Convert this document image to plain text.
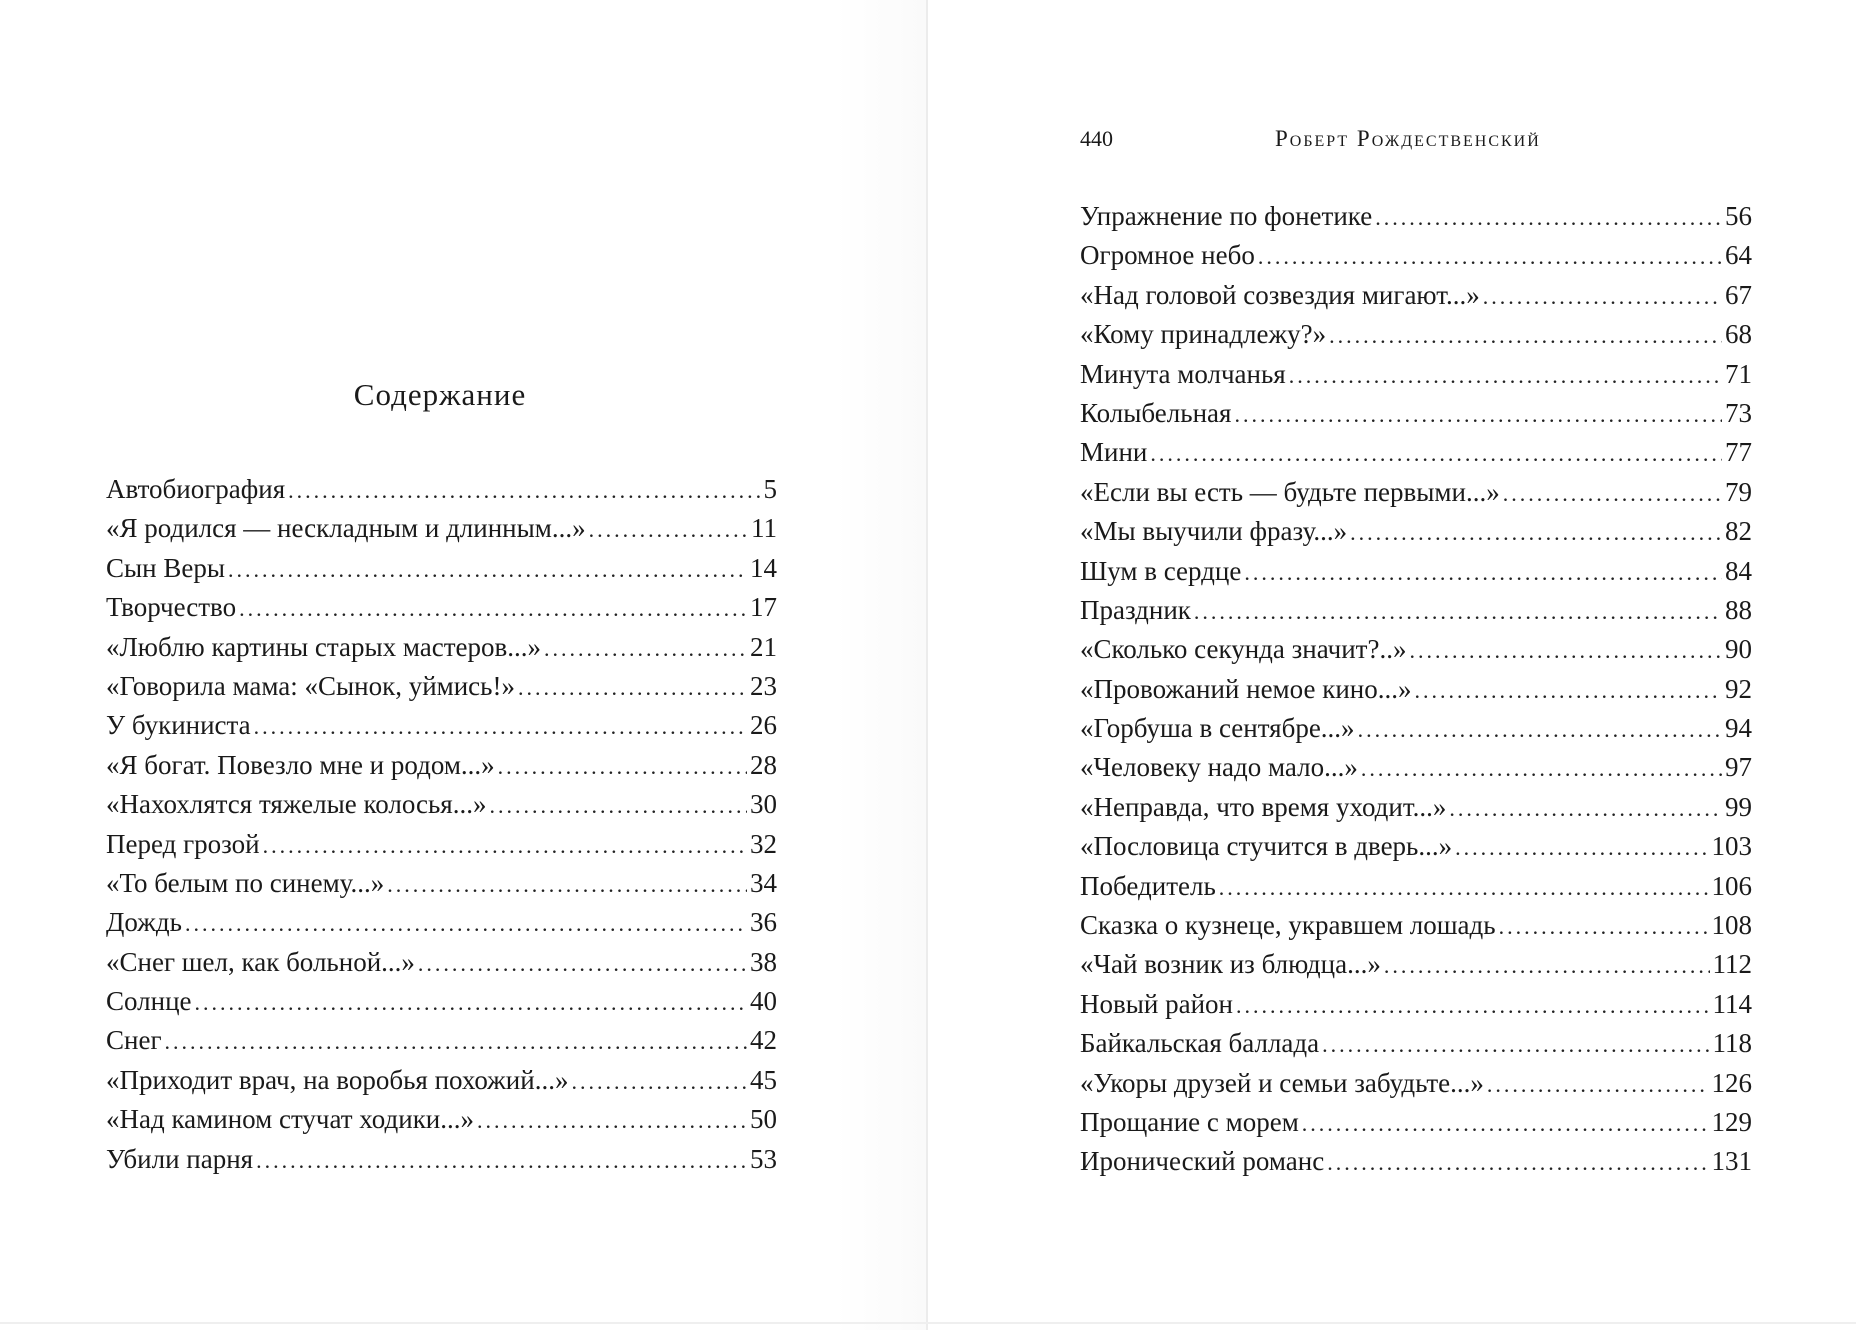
Содержание
Автобиография .....	5
«Я родился — нескладным и длинным...» .....	11
Сын Веры .....	14
Творчество .....	17
«Люблю картины старых мастеров...» .....	21
«Говорила мама: «Сынок, уймись!» .....	23
У букиниста .....	26
«Я богат. Повезло мне и родом...» .....	28
«Нахохлятся тяжелые колосья...» .....	30
Перед грозой .....	32
«То белым по синему...» .....	34
Дождь .....	36
«Снег шел, как больной...» .....	38
Солнце .....	40
Снег .....	42
«Приходит врач, на воробья похожий...» .....	45
«Над камином стучат ходики...» .....	50
Убили парня .....	53
440	Роберт Рождественский
Упражнение по фонетике .....	56
Огромное небо .....	64
«Над головой созвездия мигают...» .....	67
«Кому принадлежу?» .....	68
Минута молчанья .....	71
Колыбельная .....	73
Мини .....	77
«Если вы есть — будьте первыми...» .....	79
«Мы выучили фразу...» .....	82
Шум в сердце .....	84
Праздник .....	88
«Сколько секунда значит?..» .....	90
«Провожаний немое кино...» .....	92
«Горбуша в сентябре...» .....	94
«Человеку надо мало...» .....	97
«Неправда, что время уходит...» .....	99
«Пословица стучится в дверь...» .....	103
Победитель .....	106
Сказка о кузнеце, укравшем лошадь .....	108
«Чай возник из блюдца...» .....	112
Новый район .....	114
Байкальская баллада .....	118
«Укоры друзей и семьи забудьте...» .....	126
Прощание с морем .....	129
Иронический романс .....	131
